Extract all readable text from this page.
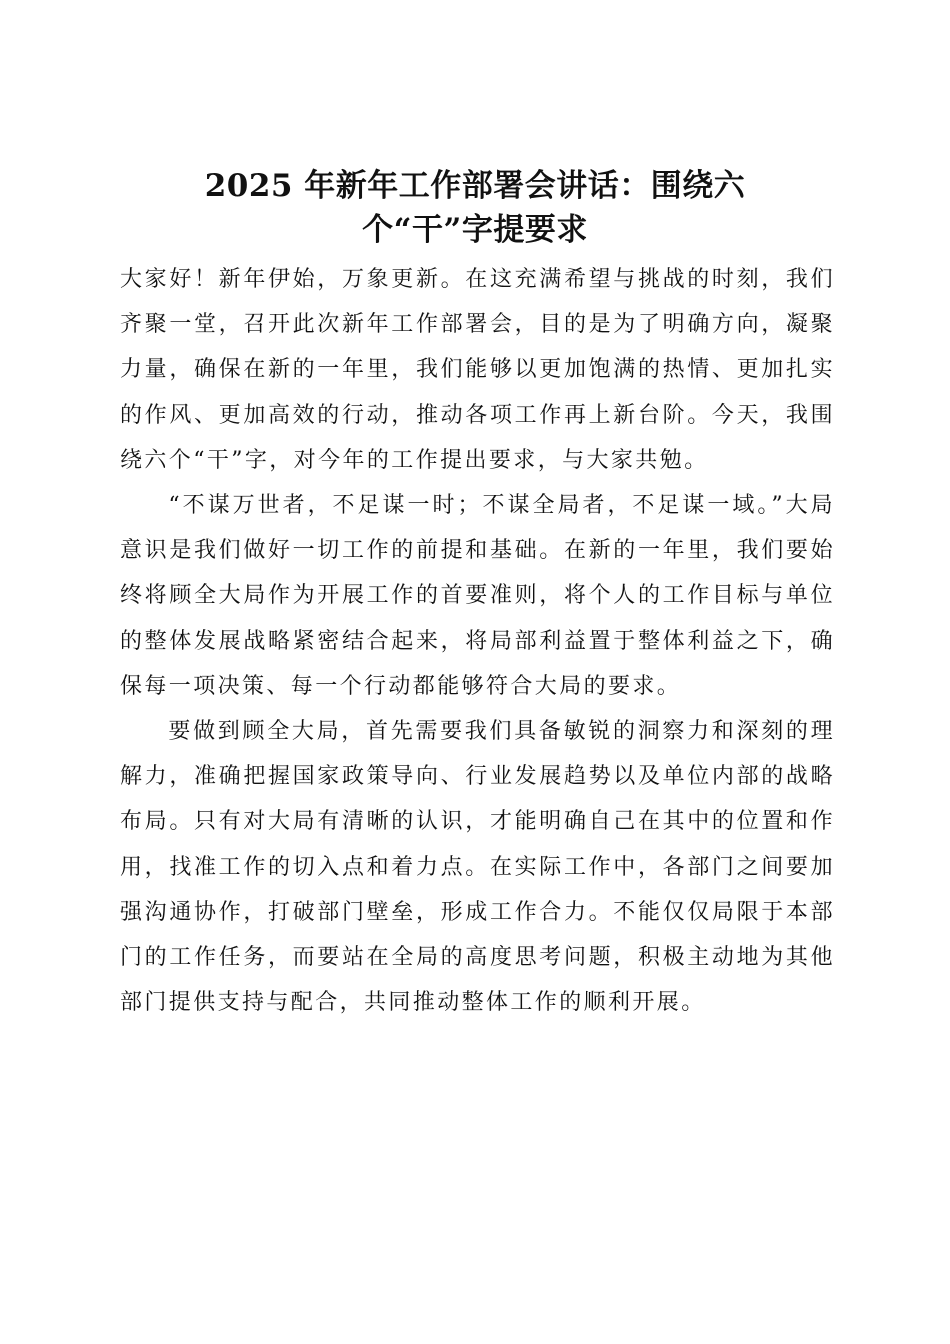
2025 年新年工作部署会讲话：围绕六
个“干”字提要求

大家好！新年伊始，万象更新。在这充满希望与挑战的时刻，我们齐聚一堂，召开此次新年工作部署会，目的是为了明确方向，凝聚力量，确保在新的一年里，我们能够以更加饱满的热情、更加扎实的作风、更加高效的行动，推动各项工作再上新台阶。今天，我围绕六个“干”字，对今年的工作提出要求，与大家共勉。

“不谋万世者，不足谋一时；不谋全局者，不足谋一域。”大局意识是我们做好一切工作的前提和基础。在新的一年里，我们要始终将顾全大局作为开展工作的首要准则，将个人的工作目标与单位的整体发展战略紧密结合起来，将局部利益置于整体利益之下，确保每一项决策、每一个行动都能够符合大局的要求。

要做到顾全大局，首先需要我们具备敏锐的洞察力和深刻的理解力，准确把握国家政策导向、行业发展趋势以及单位内部的战略布局。只有对大局有清晰的认识，才能明确自己在其中的位置和作用，找准工作的切入点和着力点。在实际工作中，各部门之间要加强沟通协作，打破部门壁垒，形成工作合力。不能仅仅局限于本部门的工作任务，而要站在全局的高度思考问题，积极主动地为其他部门提供支持与配合，共同推动整体工作的顺利开展。
